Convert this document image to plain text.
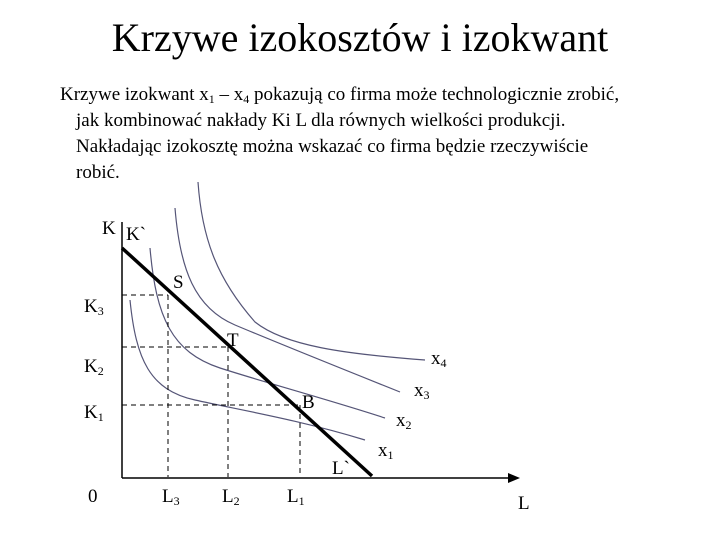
Krzywe izokosztów i izokwant
Krzywe izokwant $x_1 - x_4$ pokazują co firma może technologicznie zrobić,
jak kombinować nakłady Ki L dla równych wielkości produkcji.
Nakładając izokosztę można wskazać co firma będzie rzeczywiście
robić.
K K`
L
0
L`
S
T
B
$K_3$
$K_2$
$K_1$
$L_3$ $L_2$ $L_1$
$x_4$
$x_3$
$x_2$
$x_1$
